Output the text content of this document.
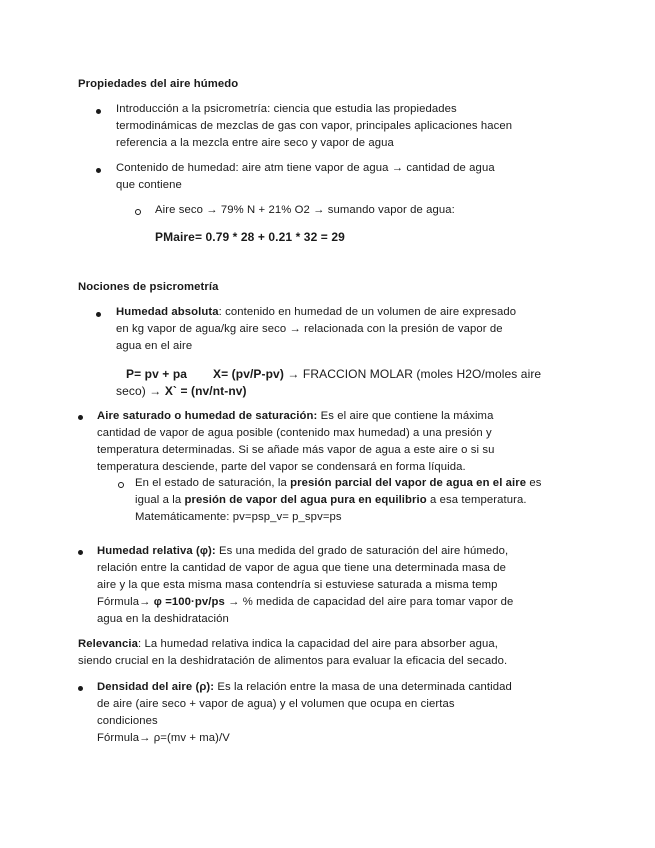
Propiedades del aire húmedo
Introducción a la psicrometría: ciencia que estudia las propiedades
termodinámicas de mezclas de gas con vapor, principales aplicaciones hacen
referencia a la mezcla entre aire seco y vapor de agua
Contenido de humedad: aire atm tiene vapor de agua → cantidad de agua
que contiene
Aire seco → 79% N + 21% O2 → sumando vapor de agua:
PMaire= 0.79 * 28 + 0.21 * 32 = 29
Nociones de psicrometría
Humedad absoluta: contenido en humedad de un volumen de aire expresado
en kg vapor de agua/kg aire seco → relacionada con la presión de vapor de
agua en el aire
P= pv + pa X= (pv/P-pv) → FRACCION MOLAR (moles H2O/moles aire
seco) → X` = (nv/nt-nv)
Aire saturado o humedad de saturación: Es el aire que contiene la máxima
cantidad de vapor de agua posible (contenido max humedad) a una presión y
temperatura determinadas. Si se añade más vapor de agua a este aire o si su
temperatura desciende, parte del vapor se condensará en forma líquida.
En el estado de saturación, la presión parcial del vapor de agua en el aire es
igual a la presión de vapor del agua pura en equilibrio a esa temperatura.
Matemáticamente: pv=psp_v= p_spv=ps
Humedad relativa (φ): Es una medida del grado de saturación del aire húmedo,
relación entre la cantidad de vapor de agua que tiene una determinada masa de
aire y la que esta misma masa contendría si estuviese saturada a misma temp
Fórmula→ φ =100·pv/ps → % medida de capacidad del aire para tomar vapor de
agua en la deshidratación
Relevancia: La humedad relativa indica la capacidad del aire para absorber agua,
siendo crucial en la deshidratación de alimentos para evaluar la eficacia del secado.
Densidad del aire (ρ): Es la relación entre la masa de una determinada cantidad
de aire (aire seco + vapor de agua) y el volumen que ocupa en ciertas
condiciones
Fórmula→ ρ=(mv + ma)/V
